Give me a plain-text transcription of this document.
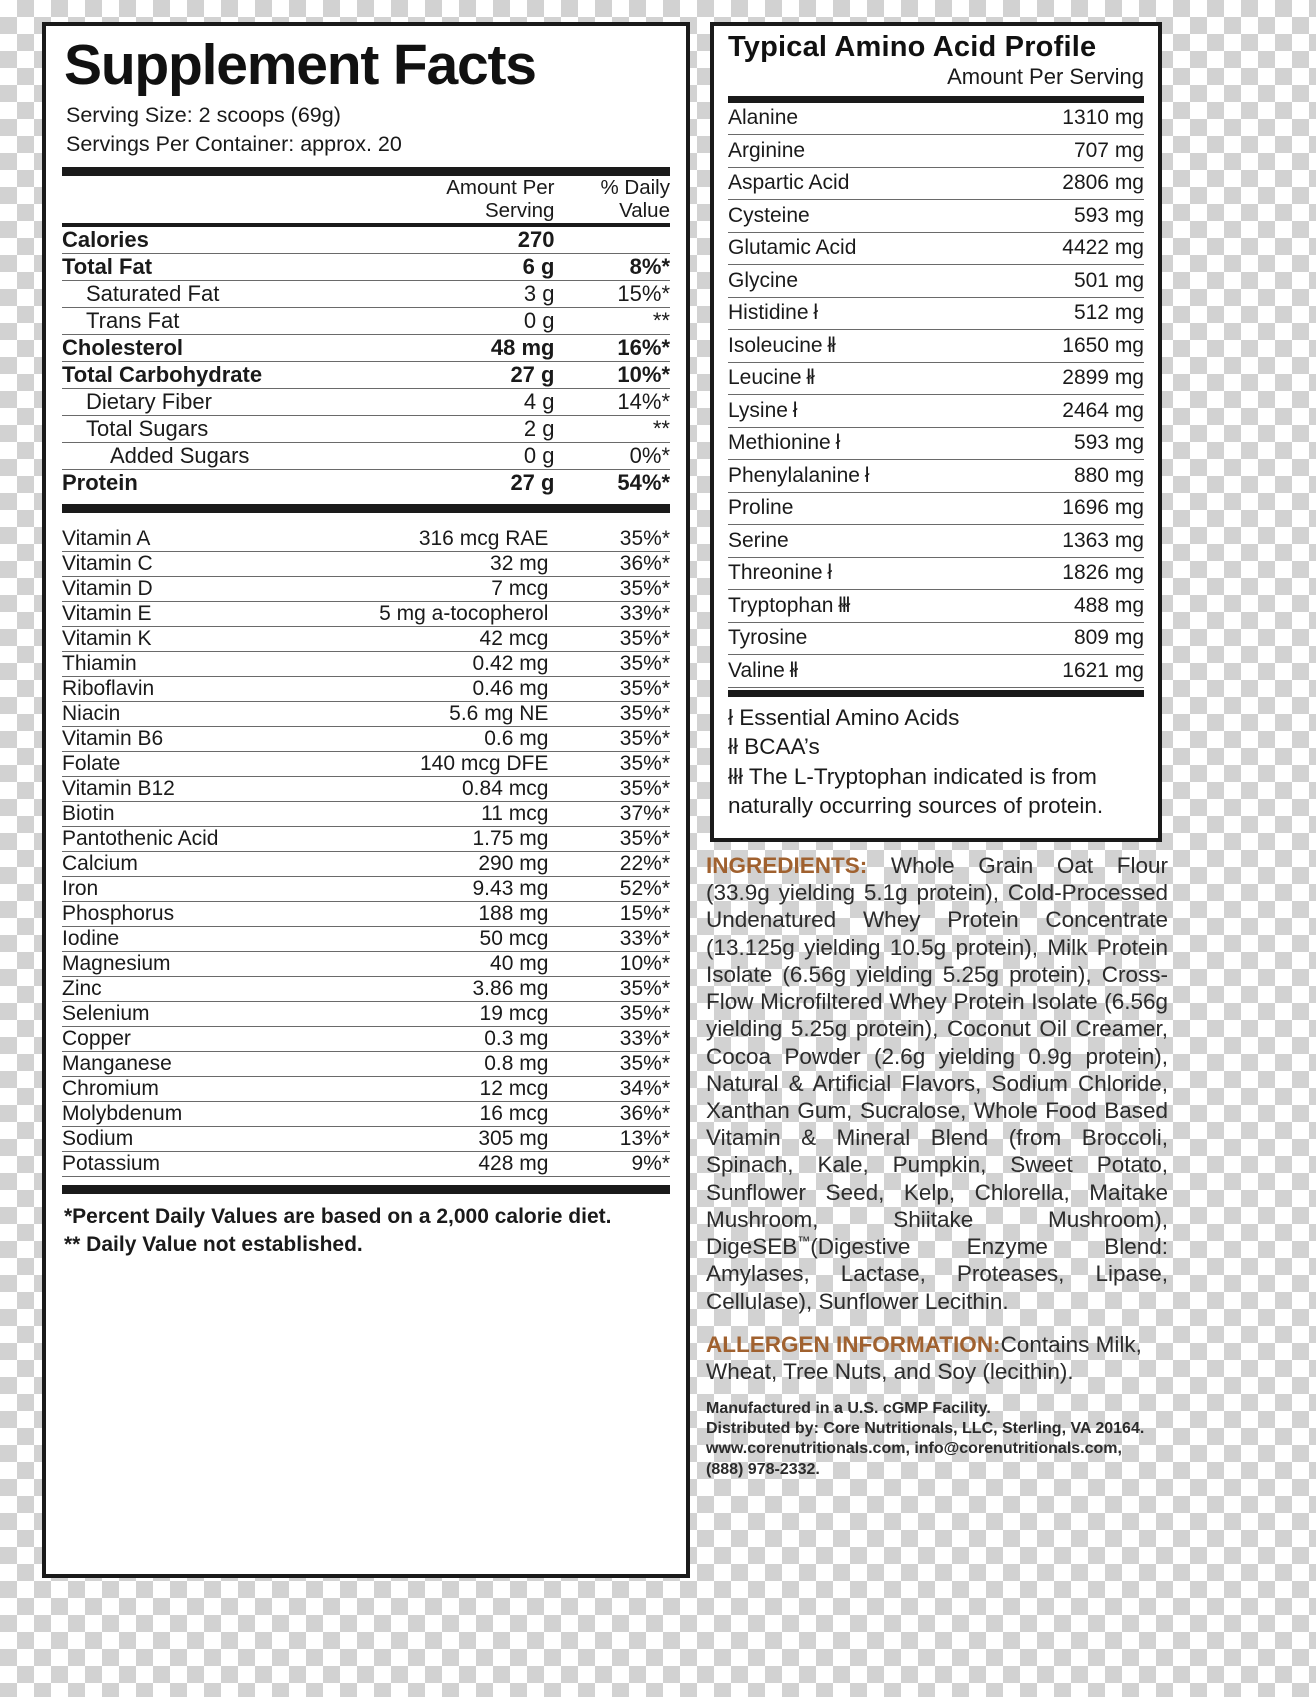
Supplement Facts
Serving Size: 2 scoops (69g)
Servings Per Container: approx. 20
	Amount Per
Serving	% Daily
Value
Calories	270	
Total Fat	6 g	8%*
Saturated Fat	3 g	15%*
Trans Fat	0 g	**
Cholesterol	48 mg	16%*
Total Carbohydrate	27 g	10%*
Dietary Fiber	4 g	14%*
Total Sugars	2 g	**
Added Sugars	0 g	0%*
Protein	27 g	54%*
Vitamin A	316 mcg RAE	35%*
Vitamin C	32 mg	36%*
Vitamin D	7 mcg	35%*
Vitamin E	5 mg a-tocopherol	33%*
Vitamin K	42 mcg	35%*
Thiamin	0.42 mg	35%*
Riboflavin	0.46 mg	35%*
Niacin	5.6 mg NE	35%*
Vitamin B6	0.6 mg	35%*
Folate	140 mcg DFE	35%*
Vitamin B12	0.84 mcg	35%*
Biotin	11 mcg	37%*
Pantothenic Acid	1.75 mg	35%*
Calcium	290 mg	22%*
Iron	9.43 mg	52%*
Phosphorus	188 mg	15%*
Iodine	50 mcg	33%*
Magnesium	40 mg	10%*
Zinc	3.86 mg	35%*
Selenium	19 mcg	35%*
Copper	0.3 mg	33%*
Manganese	0.8 mg	35%*
Chromium	12 mcg	34%*
Molybdenum	16 mcg	36%*
Sodium	305 mg	13%*
Potassium	428 mg	9%*
*Percent Daily Values are based on a 2,000 calorie diet.
** Daily Value not established.
Typical Amino Acid Profile
Amount Per Serving
Alanine	1310 mg
Arginine	707 mg
Aspartic Acid	2806 mg
Cysteine	593 mg
Glutamic Acid	4422 mg
Glycine	501 mg
Histidine ł	512 mg
Isoleucine łł	1650 mg
Leucine łł	2899 mg
Lysine ł	2464 mg
Methionine ł	593 mg
Phenylalanine ł	880 mg
Proline	1696 mg
Serine	1363 mg
Threonine ł	1826 mg
Tryptophan łłł	488 mg
Tyrosine	809 mg
Valine łł	1621 mg
ł Essential Amino Acids
łł BCAA’s
łłł The L-Tryptophan indicated is from naturally occurring sources of protein.
INGREDIENTS: Whole Grain Oat Flour (33.9g yielding 5.1g protein), Cold-Processed Undenatured Whey Protein Concentrate (13.125g yielding 10.5g protein), Milk Protein Isolate (6.56g yielding 5.25g protein), Cross-Flow Microfiltered Whey Protein Isolate (6.56g yielding 5.25g protein), Coconut Oil Creamer, Cocoa Powder (2.6g yielding 0.9g protein), Natural & Artificial Flavors, Sodium Chloride, Xanthan Gum, Sucralose, Whole Food Based Vitamin & Mineral Blend (from Broccoli, Spinach, Kale, Pumpkin, Sweet Potato, Sunflower Seed, Kelp, Chlorella, Maitake Mushroom, Shiitake Mushroom), DigeSEB™(Digestive Enzyme Blend: Amylases, Lactase, Proteases, Lipase, Cellulase), Sunflower Lecithin.
ALLERGEN INFORMATION:Contains Milk, Wheat, Tree Nuts, and Soy (lecithin).
Manufactured in a U.S. cGMP Facility.
Distributed by: Core Nutritionals, LLC, Sterling, VA 20164.
www.corenutritionals.com, info@corenutritionals.com,
(888) 978-2332.
